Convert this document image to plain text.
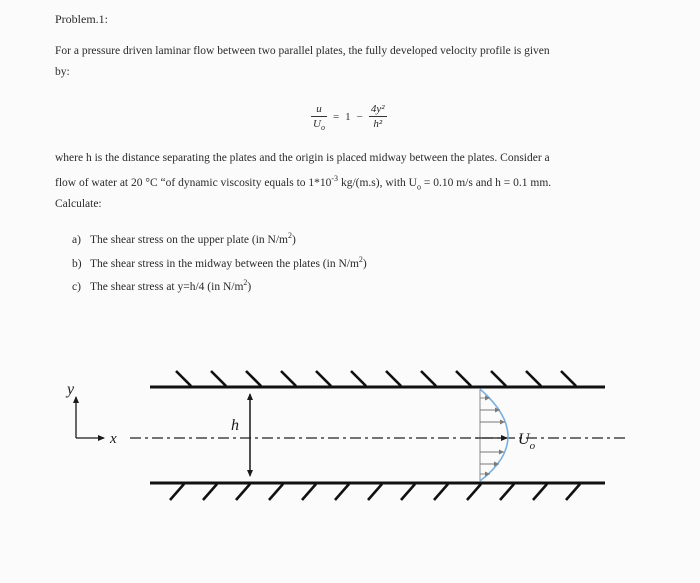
Problem.1:
For a pressure driven laminar flow between two parallel plates, the fully developed velocity profile is given
by:
u
$U_o$
	=	1	−	
4y²
h²
where h is the distance separating the plates and the origin is placed midway between the plates. Consider a
flow of water at 20 °C “of dynamic viscosity equals to $1*10^{-3}$ kg/(m.s), with $U_o = 0.10$ m/s and h = 0.1 mm.
Calculate:
a) The shear stress on the upper plate (in $N/m^2$)
b) The shear stress in the midway between the plates (in $N/m^2$)
c) The shear stress at y=h/4 (in $N/m^2$)
y
x
h
$U_o$
